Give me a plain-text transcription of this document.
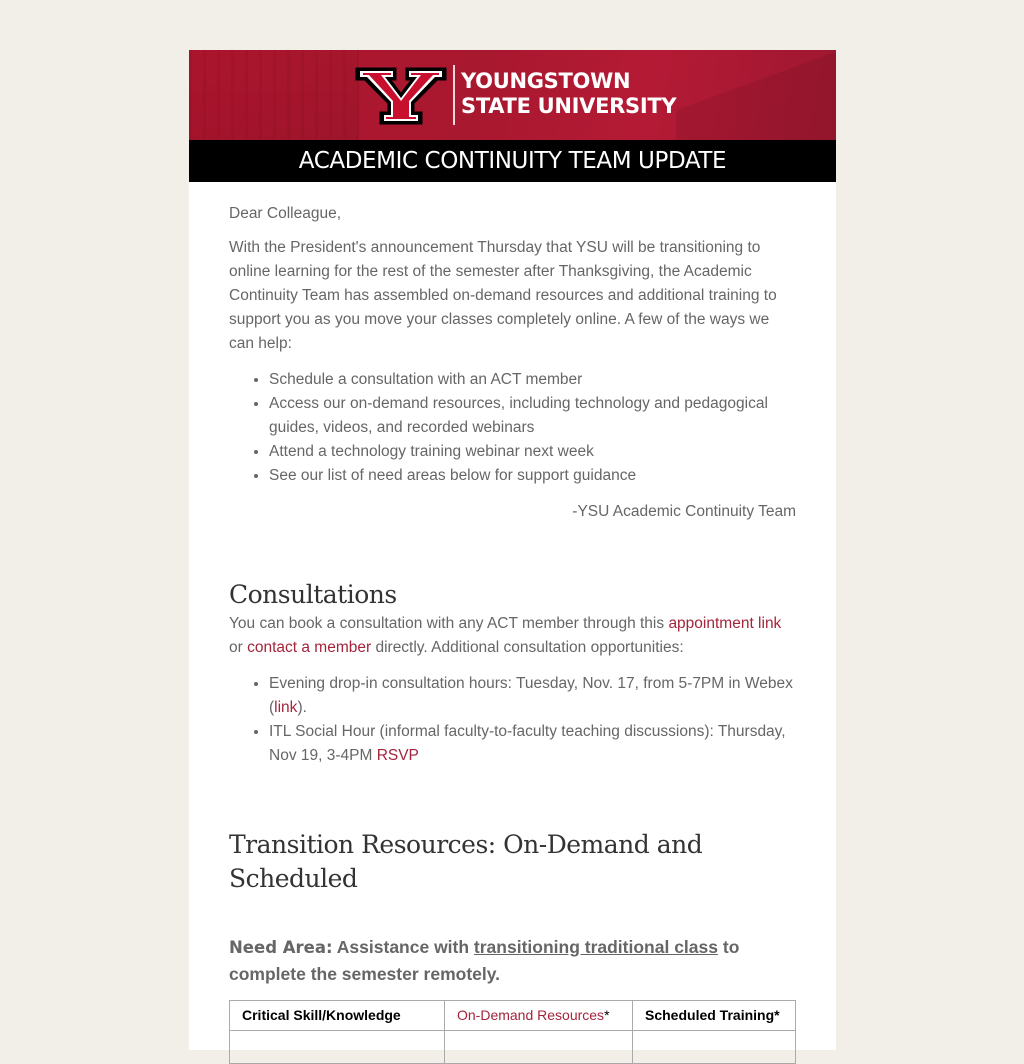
YOUNGSTOWN
STATE UNIVERSITY
ACADEMIC CONTINUITY TEAM UPDATE

Dear Colleague,

With the President's announcement Thursday that YSU will be transitioning to online learning for the rest of the semester after Thanksgiving, the Academic Continuity Team has assembled on-demand resources and additional training to support you as you move your classes completely online. A few of the ways we can help:

• Schedule a consultation with an ACT member
• Access our on-demand resources, including technology and pedagogical guides, videos, and recorded webinars
• Attend a technology training webinar next week
• See our list of need areas below for support guidance

-YSU Academic Continuity Team

Consultations

You can book a consultation with any ACT member through this appointment link or contact a member directly. Additional consultation opportunities:

• Evening drop-in consultation hours: Tuesday, Nov. 17, from 5-7PM in Webex (link).
• ITL Social Hour (informal faculty-to-faculty teaching discussions): Thursday, Nov 19, 3-4PM RSVP
Transition Resources: On-Demand and Scheduled

Need Area: Assistance with transitioning traditional class to complete the semester remotely.

Critical Skill/Knowledge	On-Demand Resources*	Scheduled Training*
